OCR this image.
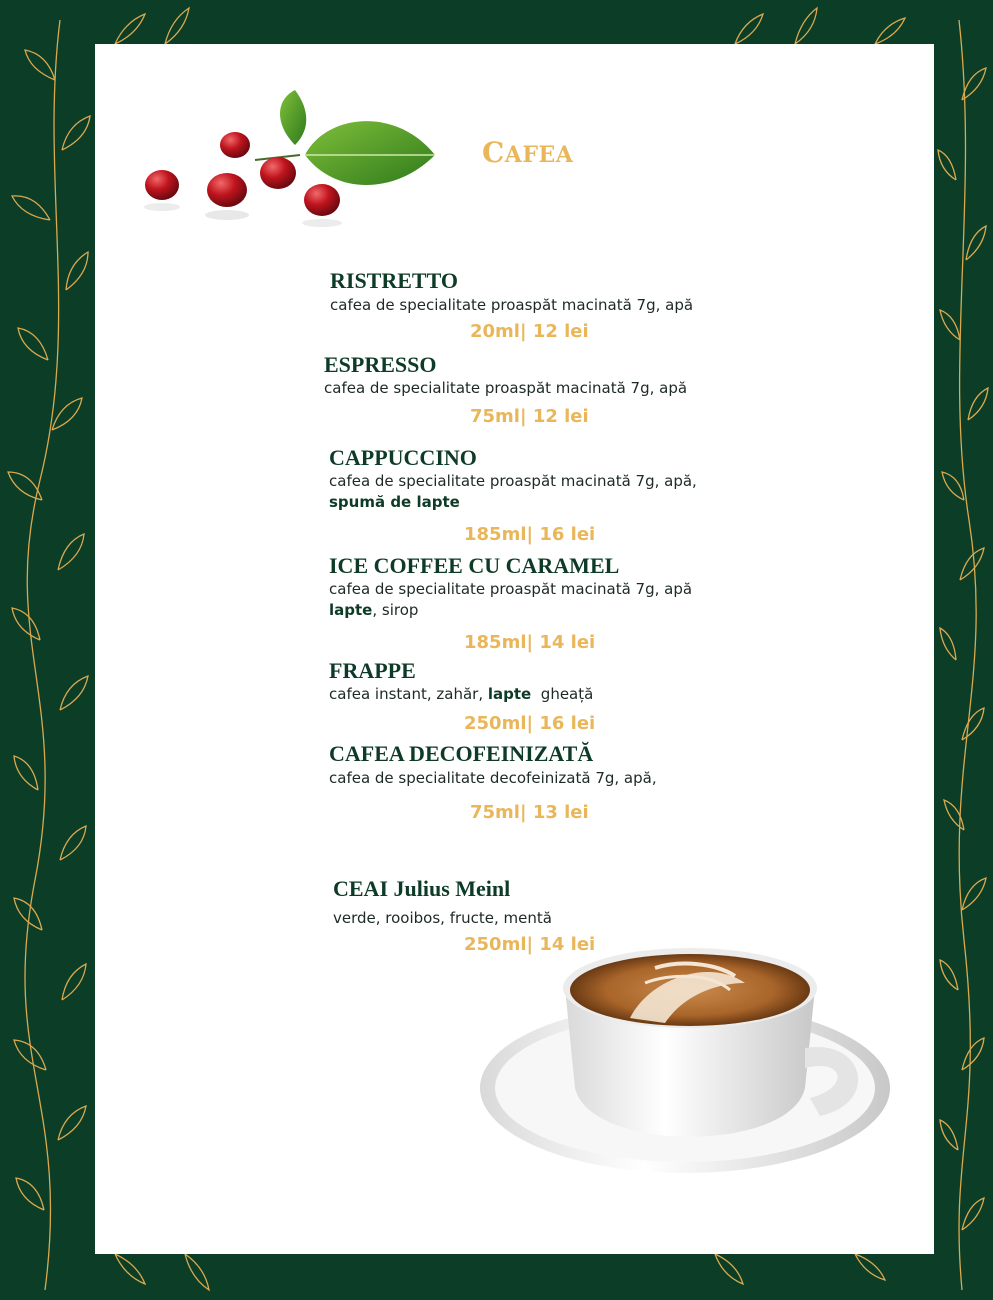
CAFEA
RISTRETTO
cafea de specialitate proaspăt macinată 7g, apă
20ml| 12 lei
ESPRESSO
cafea de specialitate proaspăt macinată 7g, apă
75ml| 12 lei
CAPPUCCINO
cafea de specialitate proaspăt macinată 7g, apă,
spumă de lapte
185ml| 16 lei
ICE COFFEE CU CARAMEL
cafea de specialitate proaspăt macinată 7g, apă
lapte, sirop
185ml| 14 lei
FRAPPE
cafea instant, zahăr, lapte gheață
250ml| 16 lei
CAFEA DECOFEINIZATĂ
cafea de specialitate decofeinizată 7g, apă,
75ml| 13 lei
CEAI Julius Meinl
verde, rooibos, fructe, mentă
250ml| 14 lei
